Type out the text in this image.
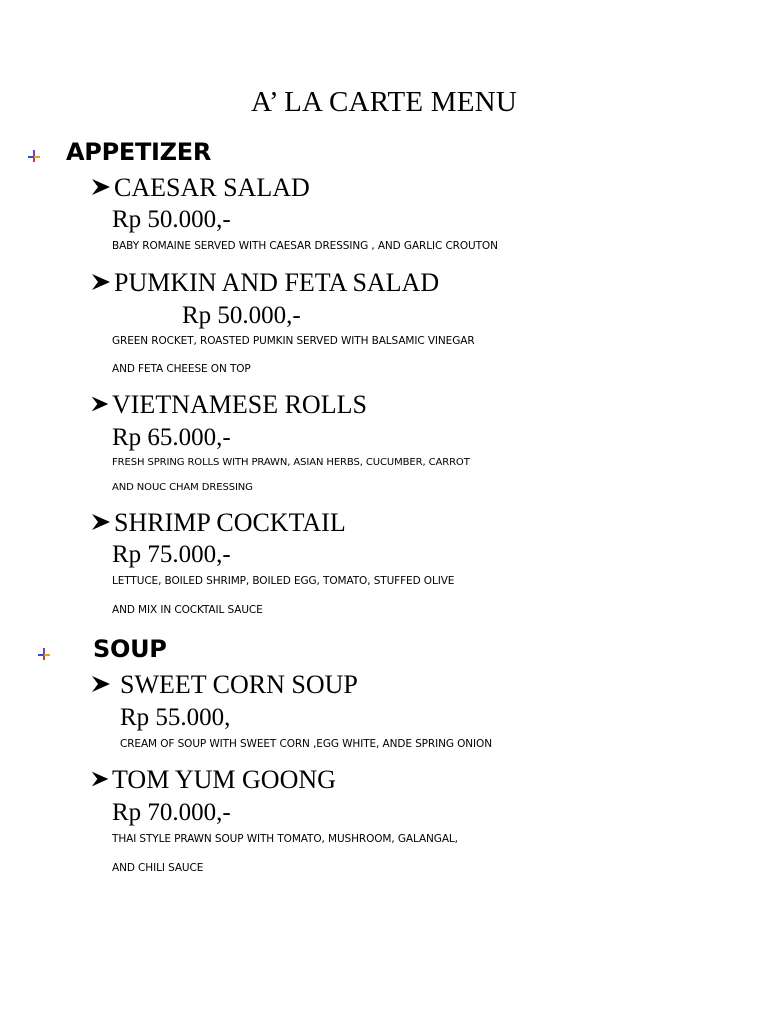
A’ LA CARTE MENU
APPETIZER
CAESAR SALAD
Rp 50.000,-
BABY ROMAINE SERVED WITH CAESAR DRESSING , AND GARLIC CROUTON
PUMKIN AND FETA SALAD
Rp 50.000,-
GREEN ROCKET, ROASTED PUMKIN SERVED WITH BALSAMIC VINEGAR
AND FETA CHEESE ON TOP
VIETNAMESE ROLLS
Rp 65.000,-
FRESH SPRING ROLLS WITH PRAWN, ASIAN HERBS, CUCUMBER, CARROT
AND NOUC CHAM DRESSING
SHRIMP COCKTAIL
Rp 75.000,-
LETTUCE, BOILED SHRIMP, BOILED EGG, TOMATO, STUFFED OLIVE
AND MIX IN COCKTAIL SAUCE
SOUP
SWEET CORN SOUP
Rp 55.000,
CREAM OF SOUP WITH SWEET CORN ,EGG WHITE, ANDE SPRING ONION
TOM YUM GOONG
Rp 70.000,-
THAI STYLE PRAWN SOUP WITH TOMATO, MUSHROOM, GALANGAL,
AND CHILI SAUCE
